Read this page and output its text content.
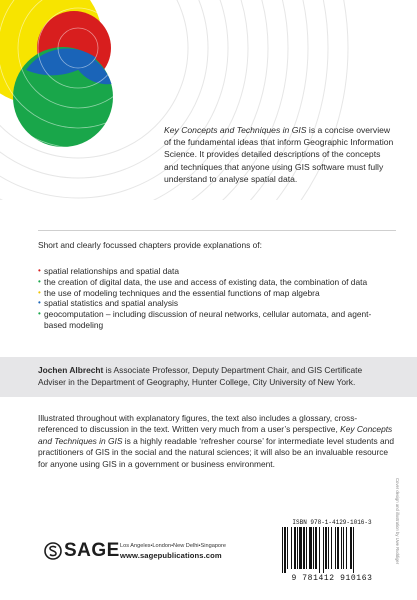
Key Concepts and Techniques in GIS is a concise overview of the fundamental ideas that inform Geographic Information Science. It provides detailed descriptions of the concepts and techniques that anyone using GIS software must fully understand to analyse spatial data.
Short and clearly focussed chapters provide explanations of:
• spatial relationships and spatial data
• the creation of digital data, the use and access of existing data, the combination of data
• the use of modeling techniques and the essential functions of map algebra
• spatial statistics and spatial analysis
• geocomputation – including discussion of neural networks, cellular automata, and agent-based modeling
Jochen Albrecht is Associate Professor, Deputy Department Chair, and GIS Certificate Adviser in the Department of Geography, Hunter College, City University of New York.
Illustrated throughout with explanatory figures, the text also includes a glossary, cross-referenced to discussion in the text. Written very much from a user’s perspective, Key Concepts and Techniques in GIS is a highly readable ‘refresher course’ for intermediate level students and practitioners of GIS in the social and the natural sciences; it will also be an invaluable resource for anyone using GIS in a government or business environment.
Cover design and illustration by Uwe Ruddiger
SAGE Los Angeles•London•New Delhi•Singapore
www.sagepublications.com
ISBN 978-1-4129-1016-3
9 781412 910163
